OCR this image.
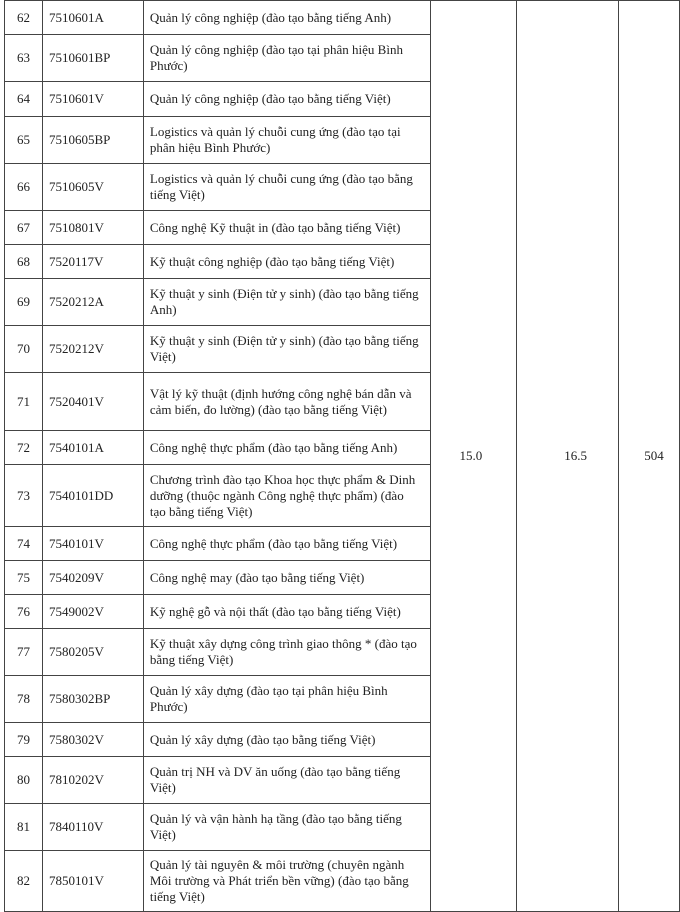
62	7510601A	Quản lý công nghiệp (đào tạo bằng tiếng Anh)	15.0	16.5	504
63	7510601BP	Quản lý công nghiệp (đào tạo tại phân hiệu Bình Phước)			
64	7510601V	Quản lý công nghiệp (đào tạo bằng tiếng Việt)			
65	7510605BP	Logistics và quản lý chuỗi cung ứng (đào tạo tại phân hiệu Bình Phước)			
66	7510605V	Logistics và quản lý chuỗi cung ứng (đào tạo bằng tiếng Việt)			
67	7510801V	Công nghệ Kỹ thuật in (đào tạo bằng tiếng Việt)			
68	7520117V	Kỹ thuật công nghiệp (đào tạo bằng tiếng Việt)			
69	7520212A	Kỹ thuật y sinh (Điện tử y sinh) (đào tạo bằng tiếng Anh)			
70	7520212V	Kỹ thuật y sinh (Điện tử y sinh) (đào tạo bằng tiếng Việt)			
71	7520401V	Vật lý kỹ thuật (định hướng công nghệ bán dẫn và cảm biến, đo lường) (đào tạo bằng tiếng Việt)			
72	7540101A	Công nghệ thực phẩm (đào tạo bằng tiếng Anh)			
73	7540101DD	Chương trình đào tạo Khoa học thực phẩm & Dinh dưỡng (thuộc ngành Công nghệ thực phẩm) (đào tạo bằng tiếng Việt)			
74	7540101V	Công nghệ thực phẩm (đào tạo bằng tiếng Việt)			
75	7540209V	Công nghệ may (đào tạo bằng tiếng Việt)			
76	7549002V	Kỹ nghệ gỗ và nội thất (đào tạo bằng tiếng Việt)			
77	7580205V	Kỹ thuật xây dựng công trình giao thông * (đào tạo bằng tiếng Việt)			
78	7580302BP	Quản lý xây dựng (đào tạo tại phân hiệu Bình Phước)			
79	7580302V	Quản lý xây dựng (đào tạo bằng tiếng Việt)			
80	7810202V	Quản trị NH và DV ăn uống (đào tạo bằng tiếng Việt)			
81	7840110V	Quản lý và vận hành hạ tầng (đào tạo bằng tiếng Việt)			
82	7850101V	Quản lý tài nguyên & môi trường (chuyên ngành Môi trường và Phát triển bền vững) (đào tạo bằng tiếng Việt)			
